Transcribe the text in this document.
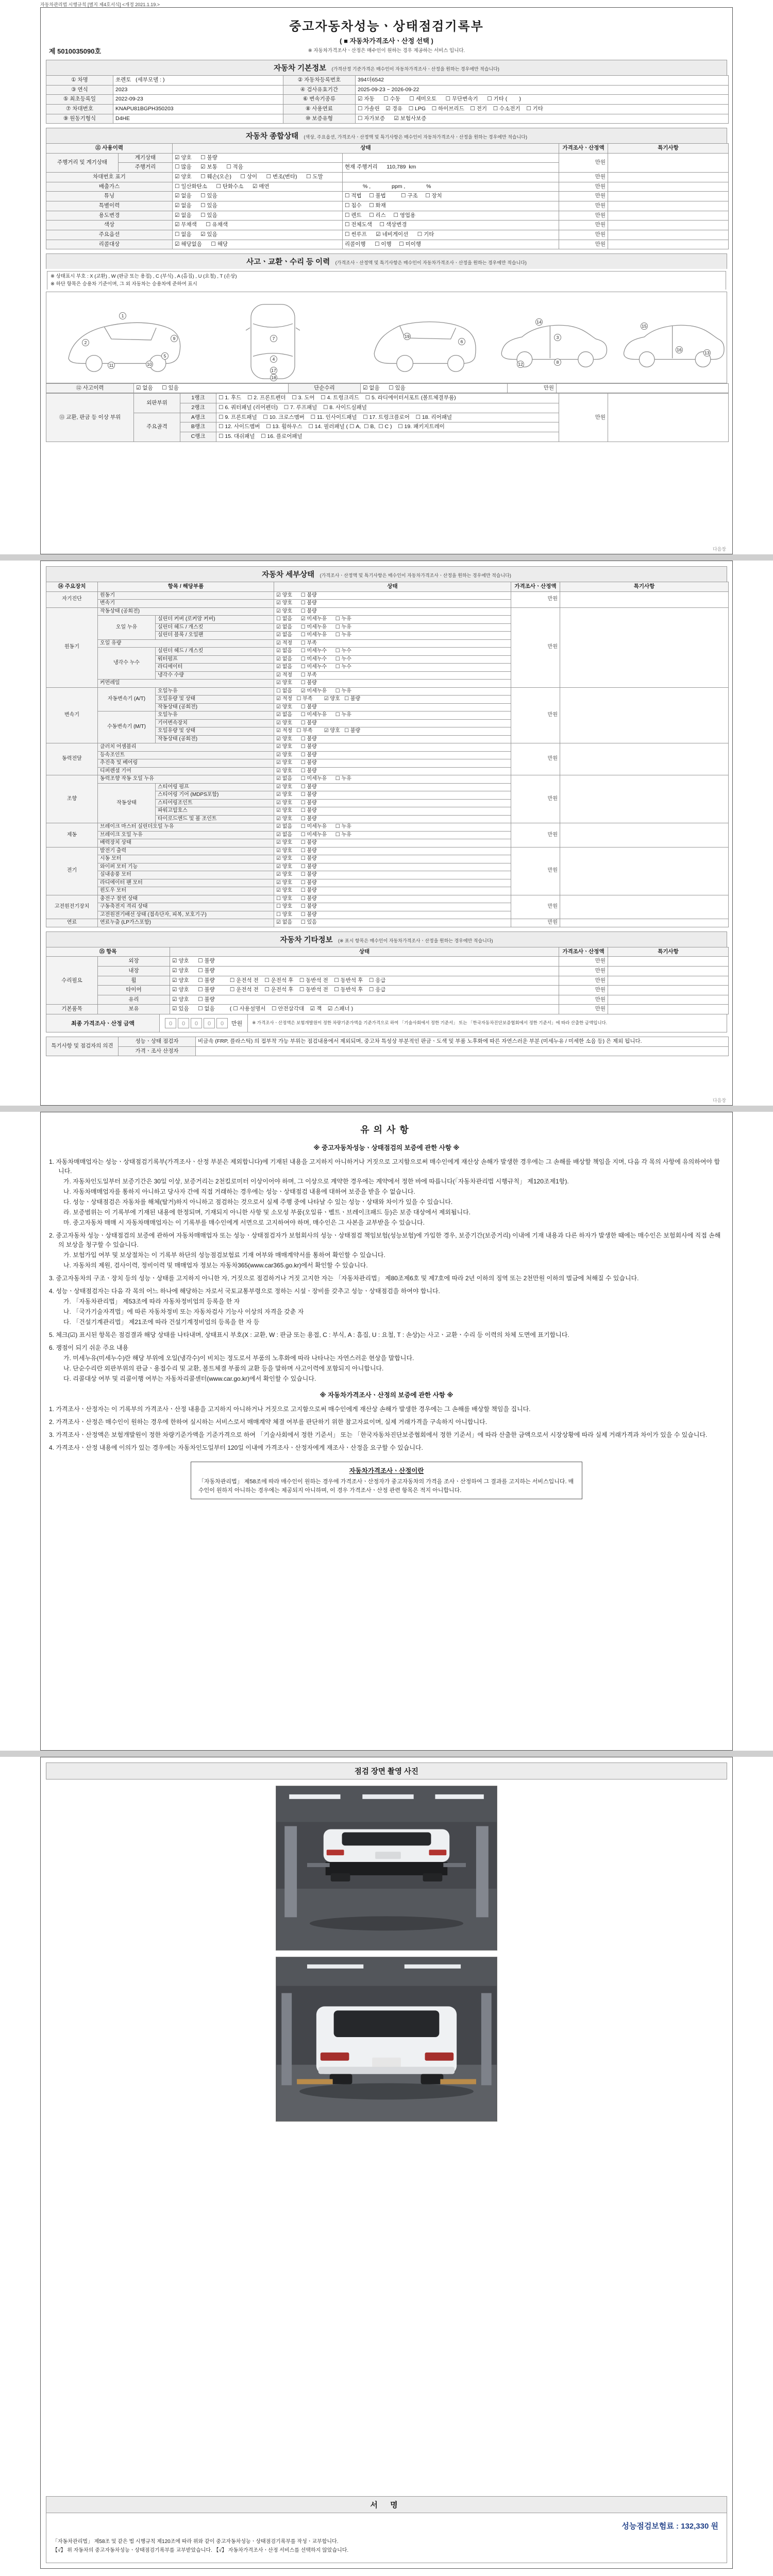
자동차관리법 시행규칙 [별지 제4호서식] <개정 2021.1.19.>
중고자동차성능ㆍ상태점검기록부
( ■ 자동차가격조사ㆍ산정 선택 )
※ 자동차가격조사ㆍ산정은 매수인이 원하는 경우 제공하는 서비스 입니다.
제 5010035090호
자동차 기본정보 (가격산정 기준가격은 매수인이 자동차가격조사ㆍ산정을 원하는 경우에만 적습니다)
① 차명	쏘렌토   (세부모델 : )	② 자동차등록번호	394더6542
③ 연식	2023	④ 검사유효기간	2025-09-23 ~ 2026-09-22
⑤ 최초등록일	2022-09-23	⑥ 변속기종류	☑ 자동      ☐ 수동      ☐ 세미오토      ☐ 무단변속기      ☐ 기타 (        )
⑦ 차대번호	KNAPU81BGPH350203	⑧ 사용연료	☐ 가솔린    ☑ 경유    ☐ LPG    ☐ 하이브리드    ☐ 전기    ☐ 수소전기    ☐ 기타
⑨ 원동기형식	D4HE	⑩ 보증유형	☐ 자가보증      ☑ 보험사보증
자동차 종합상태 (색상, 주요옵션, 가격조사ㆍ산정액 및 특기사항은 매수인이 자동차가격조사ㆍ산정을 원하는 경우에만 적습니다)
⑪ 사용이력		상태		가격조사ㆍ산정액	특기사항
주행거리 및 계기상태	계기상태	☑ 양호      ☐ 불량		만원	
	주행거리	☐ 많음      ☑ 보통      ☐ 적음	현재 주행거리      110,789  km		
차대번호 표기		☑ 양호      ☐ 훼손(오손)      ☐ 상이      ☐ 변조(변타)      ☐ 도말		만원	
배출가스		☐ 일산화탄소      ☐ 탄화수소      ☑ 매연	% ,              ppm ,              %	만원	
튜닝		☑ 없음      ☐ 있음	☐ 적법     ☐ 불법          ☐ 구조     ☐ 장치	만원	
특별이력		☑ 없음      ☐ 있음	☐ 침수     ☐ 화재	만원	
용도변경		☑ 없음      ☐ 있음	☐ 렌트     ☐ 리스     ☐ 영업용	만원	
색상		☑ 무채색      ☐ 유채색	☐ 전체도색     ☐ 색상변경	만원	
주요옵션		☐ 없음      ☑ 있음	☐ 썬루프      ☑ 네비게이션      ☐ 기타	만원	
리콜대상		☑ 해당없음      ☐ 해당	리콜이행      ☐ 이행     ☐ 미이행	만원	
사고ㆍ교환ㆍ수리 등 이력 (가격조사ㆍ산정액 및 특기사항은 매수인이 자동차가격조사ㆍ산정을 원하는 경우에만 적습니다)
※ 상태표시 부호 : X (교환) , W (판금 또는 용접) , C (부식) , A (흠집) , U (요철) , T (손상)
※ 하단 항목은 승용차 기준이며, 그 외 자동차는 승용차에 준하여 표시
1
2
9
5
10
11
7
4
17
18
19
6
14
3
12	8
15
16
13
⑫ 사고이력	☑ 없음      ☐ 있음	단순수리	☑ 없음      ☐ 있음	만원	
⑬ 교환, 판금 등 이상 부위	외판부위	1랭크	☐ 1. 후드    ☐ 2. 프론트펜더    ☐ 3. 도어    ☐ 4. 트렁크리드    ☐ 5. 라디에이터서포트 (볼트체결부품)	만원	
		2랭크	☐ 6. 쿼터패널 (리어펜더)    ☐ 7. 루프패널    ☐ 8. 사이드실패널		
	주요골격	A랭크	☐ 9. 프론트패널    ☐ 10. 크로스멤버    ☐ 11. 인사이드패널    ☐ 17. 트렁크플로어    ☐ 18. 리어패널		
		B랭크	☐ 12. 사이드멤버    ☐ 13. 휠하우스    ☐ 14. 필러패널 ( ☐ A,  ☐ B,  ☐ C )    ☐ 19. 패키지트레이		
		C랭크	☐ 15. 대쉬패널    ☐ 16. 플로어패널		
다음장
자동차 세부상태 (가격조사ㆍ산정액 및 특기사항은 매수인이 자동차가격조사ㆍ산정을 원하는 경우에만 적습니다)
⑭ 주요장치	항목 / 해당부품		상태	가격조사ㆍ산정액	특기사항
자기진단	원동기		☑ 양호      ☐ 불량	만원	
	변속기		☑ 양호      ☐ 불량		
원동기	작동상태 (공회전)		☑ 양호      ☐ 불량	만원	
	오일 누유	실린더 커버 (로커암 커버)	☐ 없음      ☑ 미세누유      ☐ 누유		
		실린더 헤드 / 개스킷	☑ 없음      ☐ 미세누유      ☐ 누유		
		실린더 블록 / 오일팬	☑ 없음      ☐ 미세누유      ☐ 누유		
	오일 유량		☑ 적정      ☐ 부족		
	냉각수 누수	실린더 헤드 / 개스킷	☑ 없음      ☐ 미세누수      ☐ 누수		
		워터펌프	☑ 없음      ☐ 미세누수      ☐ 누수		
		라디에이터	☑ 없음      ☐ 미세누수      ☐ 누수		
		냉각수 수량	☑ 적정      ☐ 부족		
	커먼레일		☑ 양호      ☐ 불량		
변속기	자동변속기 (A/T)	오일누유	☐ 없음      ☑ 미세누유      ☐ 누유	만원	
		오일유량 및 상태	☑ 적정   ☐ 부족        ☑ 양호   ☐ 불량		
		작동상태 (공회전)	☑ 양호      ☐ 불량		
	수동변속기 (M/T)	오일누유	☑ 없음      ☐ 미세누유      ☐ 누유		
		기어변속장치	☑ 양호      ☐ 불량		
		오일유량 및 상태	☑ 적정   ☐ 부족        ☑ 양호   ☐ 불량		
		작동상태 (공회전)	☑ 양호      ☐ 불량		
동력전달	클러치 어셈블리		☑ 양호      ☐ 불량	만원	
	등속조인트		☑ 양호      ☐ 불량		
	추진축 및 베어링		☑ 양호      ☐ 불량		
	디퍼렌셜 기어		☑ 양호      ☐ 불량		
조향	동력조향 작동 오일 누유		☑ 없음      ☐ 미세누유      ☐ 누유	만원	
	작동상태	스티어링 펌프	☑ 양호      ☐ 불량		
		스티어링 기어 (MDPS포함)	☑ 양호      ☐ 불량		
		스티어링조인트	☑ 양호      ☐ 불량		
		파워고압호스	☑ 양호      ☐ 불량		
		타이로드엔드 및 볼 조인트	☑ 양호      ☐ 불량		
제동	브레이크 마스터 실린더오일 누유		☑ 없음      ☐ 미세누유      ☐ 누유	만원	
	브레이크 오일 누유		☑ 없음      ☐ 미세누유      ☐ 누유		
	배력장치 상태		☑ 양호      ☐ 불량		
전기	발전기 출력		☑ 양호      ☐ 불량	만원	
	시동 모터		☑ 양호      ☐ 불량		
	와이퍼 모터 기능		☑ 양호      ☐ 불량		
	실내송풍 모터		☑ 양호      ☐ 불량		
	라디에이터 팬 모터		☑ 양호      ☐ 불량		
	윈도우 모터		☑ 양호      ☐ 불량		
고전원전기장치	충전구 절연 상태		☐ 양호      ☐ 불량	만원	
	구동축전지 격리 상태		☐ 양호      ☐ 불량		
	고전원전기배선 상태 (접속단자, 피복, 보호기구)		☐ 양호      ☐ 불량		
연료	연료누출 (LP가스포함)		☑ 없음      ☐ 있음	만원	
자동차 기타정보 (※ 표시 항목은 매수인이 자동차가격조사ㆍ산정을 원하는 경우에만 적습니다)
⑮ 항목		상태	가격조사ㆍ산정액	특기사항
수리필요	외장	☑ 양호      ☐ 불량	만원	
	내장	☑ 양호      ☐ 불량	만원	
	휠	☑ 양호      ☐ 불량          ☐ 운전석 전    ☐ 운전석 후    ☐ 동반석 전    ☐ 동반석 후    ☐ 응급	만원	
	타이어	☑ 양호      ☐ 불량          ☐ 운전석 전    ☐ 운전석 후    ☐ 동반석 전    ☐ 동반석 후    ☐ 응급	만원	
	유리	☑ 양호      ☐ 불량	만원	
기본품목	보유	☑ 있음      ☐ 없음          ( ☐ 사용설명서    ☐ 안전삼각대    ☑ 잭    ☑ 스패너 )	만원	
최종 가격조사ㆍ산정 금액	0 0 0 0 0	만원	※ 가격조사ㆍ산정액은 보험개발원이 정한 차량기준가액을 기준가격으로 하여 「기술사회에서 정한 기준서」 또는 「한국자동차진단보증협회에서 정한 기준서」에 따라 산출한 금액입니다.
특기사항 및 점검자의 의견	성능ㆍ상태 점검자	비금속 (FRP, 플라스틱) 의 접부착 가능 부위는 점검내용에서 제외되며, 중고차 특성상 부분적인 판금ㆍ도색 및 부품 노후화에 따른 자연스러운 부분 (미세누유 / 미세한 소음 등) 은 제외 됩니다.
	가격ㆍ조사 산정자	
다음장
유의사항
※ 중고자동차성능ㆍ상태점검의 보증에 관한 사항 ※
1. 자동차매매업자는 성능ㆍ상태점검기록부(가격조사ㆍ산정 부분은 제외합니다)에 기재된 내용을 고지하지 아니하거나 거짓으로 고지함으로써 매수인에게 재산상 손해가 발생한 경우에는 그 손해를 배상할 책임을 지며, 다음 각 목의 사항에 유의하여야 합니다.
가. 자동차인도일부터 보증기간은 30일 이상, 보증거리는 2천킬로미터 이상이어야 하며, 그 이상으로 계약한 경우에는 계약에서 정한 바에 따릅니다(「자동차관리법 시행규칙」 제120조제1항).
나. 자동차매매업자를 통하지 아니하고 당사자 간에 직접 거래하는 경우에는 성능ㆍ상태점검 내용에 대하여 보증을 받을 수 없습니다.
다. 성능ㆍ상태점검은 자동차를 해체(탈거)하지 아니하고 점검하는 것으로서 실제 주행 중에 나타날 수 있는 성능ㆍ상태와 차이가 있을 수 있습니다.
라. 보증범위는 이 기록부에 기재된 내용에 한정되며, 기재되지 아니한 사항 및 소모성 부품(오일류ㆍ벨트ㆍ브레이크패드 등)은 보증 대상에서 제외됩니다.
마. 중고자동차 매매 시 자동차매매업자는 이 기록부를 매수인에게 서면으로 고지하여야 하며, 매수인은 그 사본을 교부받을 수 있습니다.
2. 중고자동차 성능ㆍ상태점검의 보증에 관하여 자동차매매업자 또는 성능ㆍ상태점검자가 보험회사의 성능ㆍ상태점검 책임보험(성능보험)에 가입한 경우, 보증기간(보증거리) 이내에 기재 내용과 다른 하자가 발생한 때에는 매수인은 보험회사에 직접 손해의 보상을 청구할 수 있습니다.
가. 보험가입 여부 및 보상절차는 이 기록부 하단의 성능점검보험료 기재 여부와 매매계약서를 통하여 확인할 수 있습니다.
나. 자동차의 제원, 검사이력, 정비이력 및 매매업자 정보는 자동차365(www.car365.go.kr)에서 확인할 수 있습니다.
3. 중고자동차의 구조ㆍ장치 등의 성능ㆍ상태를 고지하지 아니한 자, 거짓으로 점검하거나 거짓 고지한 자는 「자동차관리법」 제80조제6호 및 제7호에 따라 2년 이하의 징역 또는 2천만원 이하의 벌금에 처해질 수 있습니다.
4. 성능ㆍ상태점검자는 다음 각 목의 어느 하나에 해당하는 자로서 국토교통부령으로 정하는 시설ㆍ장비를 갖추고 성능ㆍ상태점검을 하여야 합니다.
가. 「자동차관리법」 제53조에 따라 자동차정비업의 등록을 한 자
나. 「국가기술자격법」에 따른 자동차정비 또는 자동차검사 기능사 이상의 자격을 갖춘 자
다. 「건설기계관리법」 제21조에 따라 건설기계정비업의 등록을 한 자 등
5. 체크(☑) 표시된 항목은 점검결과 해당 상태를 나타내며, 상태표시 부호(X : 교환, W : 판금 또는 용접, C : 부식, A : 흠집, U : 요철, T : 손상)는 사고ㆍ교환ㆍ수리 등 이력의 차체 도면에 표기합니다.
6. 쟁점이 되기 쉬운 주요 내용
가. 미세누유(미세누수)란 해당 부위에 오일(냉각수)이 비치는 정도로서 부품의 노후화에 따라 나타나는 자연스러운 현상을 말합니다.
나. 단순수리란 외판부위의 판금ㆍ용접수리 및 교환, 볼트체결 부품의 교환 등을 말하며 사고이력에 포함되지 아니합니다.
다. 리콜대상 여부 및 리콜이행 여부는 자동차리콜센터(www.car.go.kr)에서 확인할 수 있습니다.
※ 자동차가격조사ㆍ산정의 보증에 관한 사항 ※
1. 가격조사ㆍ산정자는 이 기록부의 가격조사ㆍ산정 내용을 고지하지 아니하거나 거짓으로 고지함으로써 매수인에게 재산상 손해가 발생한 경우에는 그 손해를 배상할 책임을 집니다.
2. 가격조사ㆍ산정은 매수인이 원하는 경우에 한하여 실시하는 서비스로서 매매계약 체결 여부를 판단하기 위한 참고자료이며, 실제 거래가격을 구속하지 아니합니다.
3. 가격조사ㆍ산정액은 보험개발원이 정한 차량기준가액을 기준가격으로 하여 「기술사회에서 정한 기준서」 또는 「한국자동차진단보증협회에서 정한 기준서」에 따라 산출한 금액으로서 시장상황에 따라 실제 거래가격과 차이가 있을 수 있습니다.
4. 가격조사ㆍ산정 내용에 이의가 있는 경우에는 자동차인도일부터 120일 이내에 가격조사ㆍ산정자에게 재조사ㆍ산정을 요구할 수 있습니다.
자동차가격조사ㆍ산정이란
「자동차관리법」 제58조에 따라 매수인이 원하는 경우에 가격조사ㆍ산정자가 중고자동차의 가격을 조사ㆍ산정하여 그 결과를 고지하는 서비스입니다. 매수인이 원하지 아니하는 경우에는 제공되지 아니하며, 이 경우 가격조사ㆍ산정 관련 항목은 적지 아니합니다.
점검 장면 촬영 사진
서 명
성능점검보험료 : 132,330 원
「자동차관리법」 제58조 및 같은 법 시행규칙 제120조에 따라 위와 같이 중고자동차성능ㆍ상태점검기록부를 작성ㆍ교부합니다.
【√】 위 자동차의 중고자동차성능ㆍ상태점검기록부를 교부받았습니다. 【√】 자동차가격조사ㆍ산정 서비스를 선택하지 않았습니다.
